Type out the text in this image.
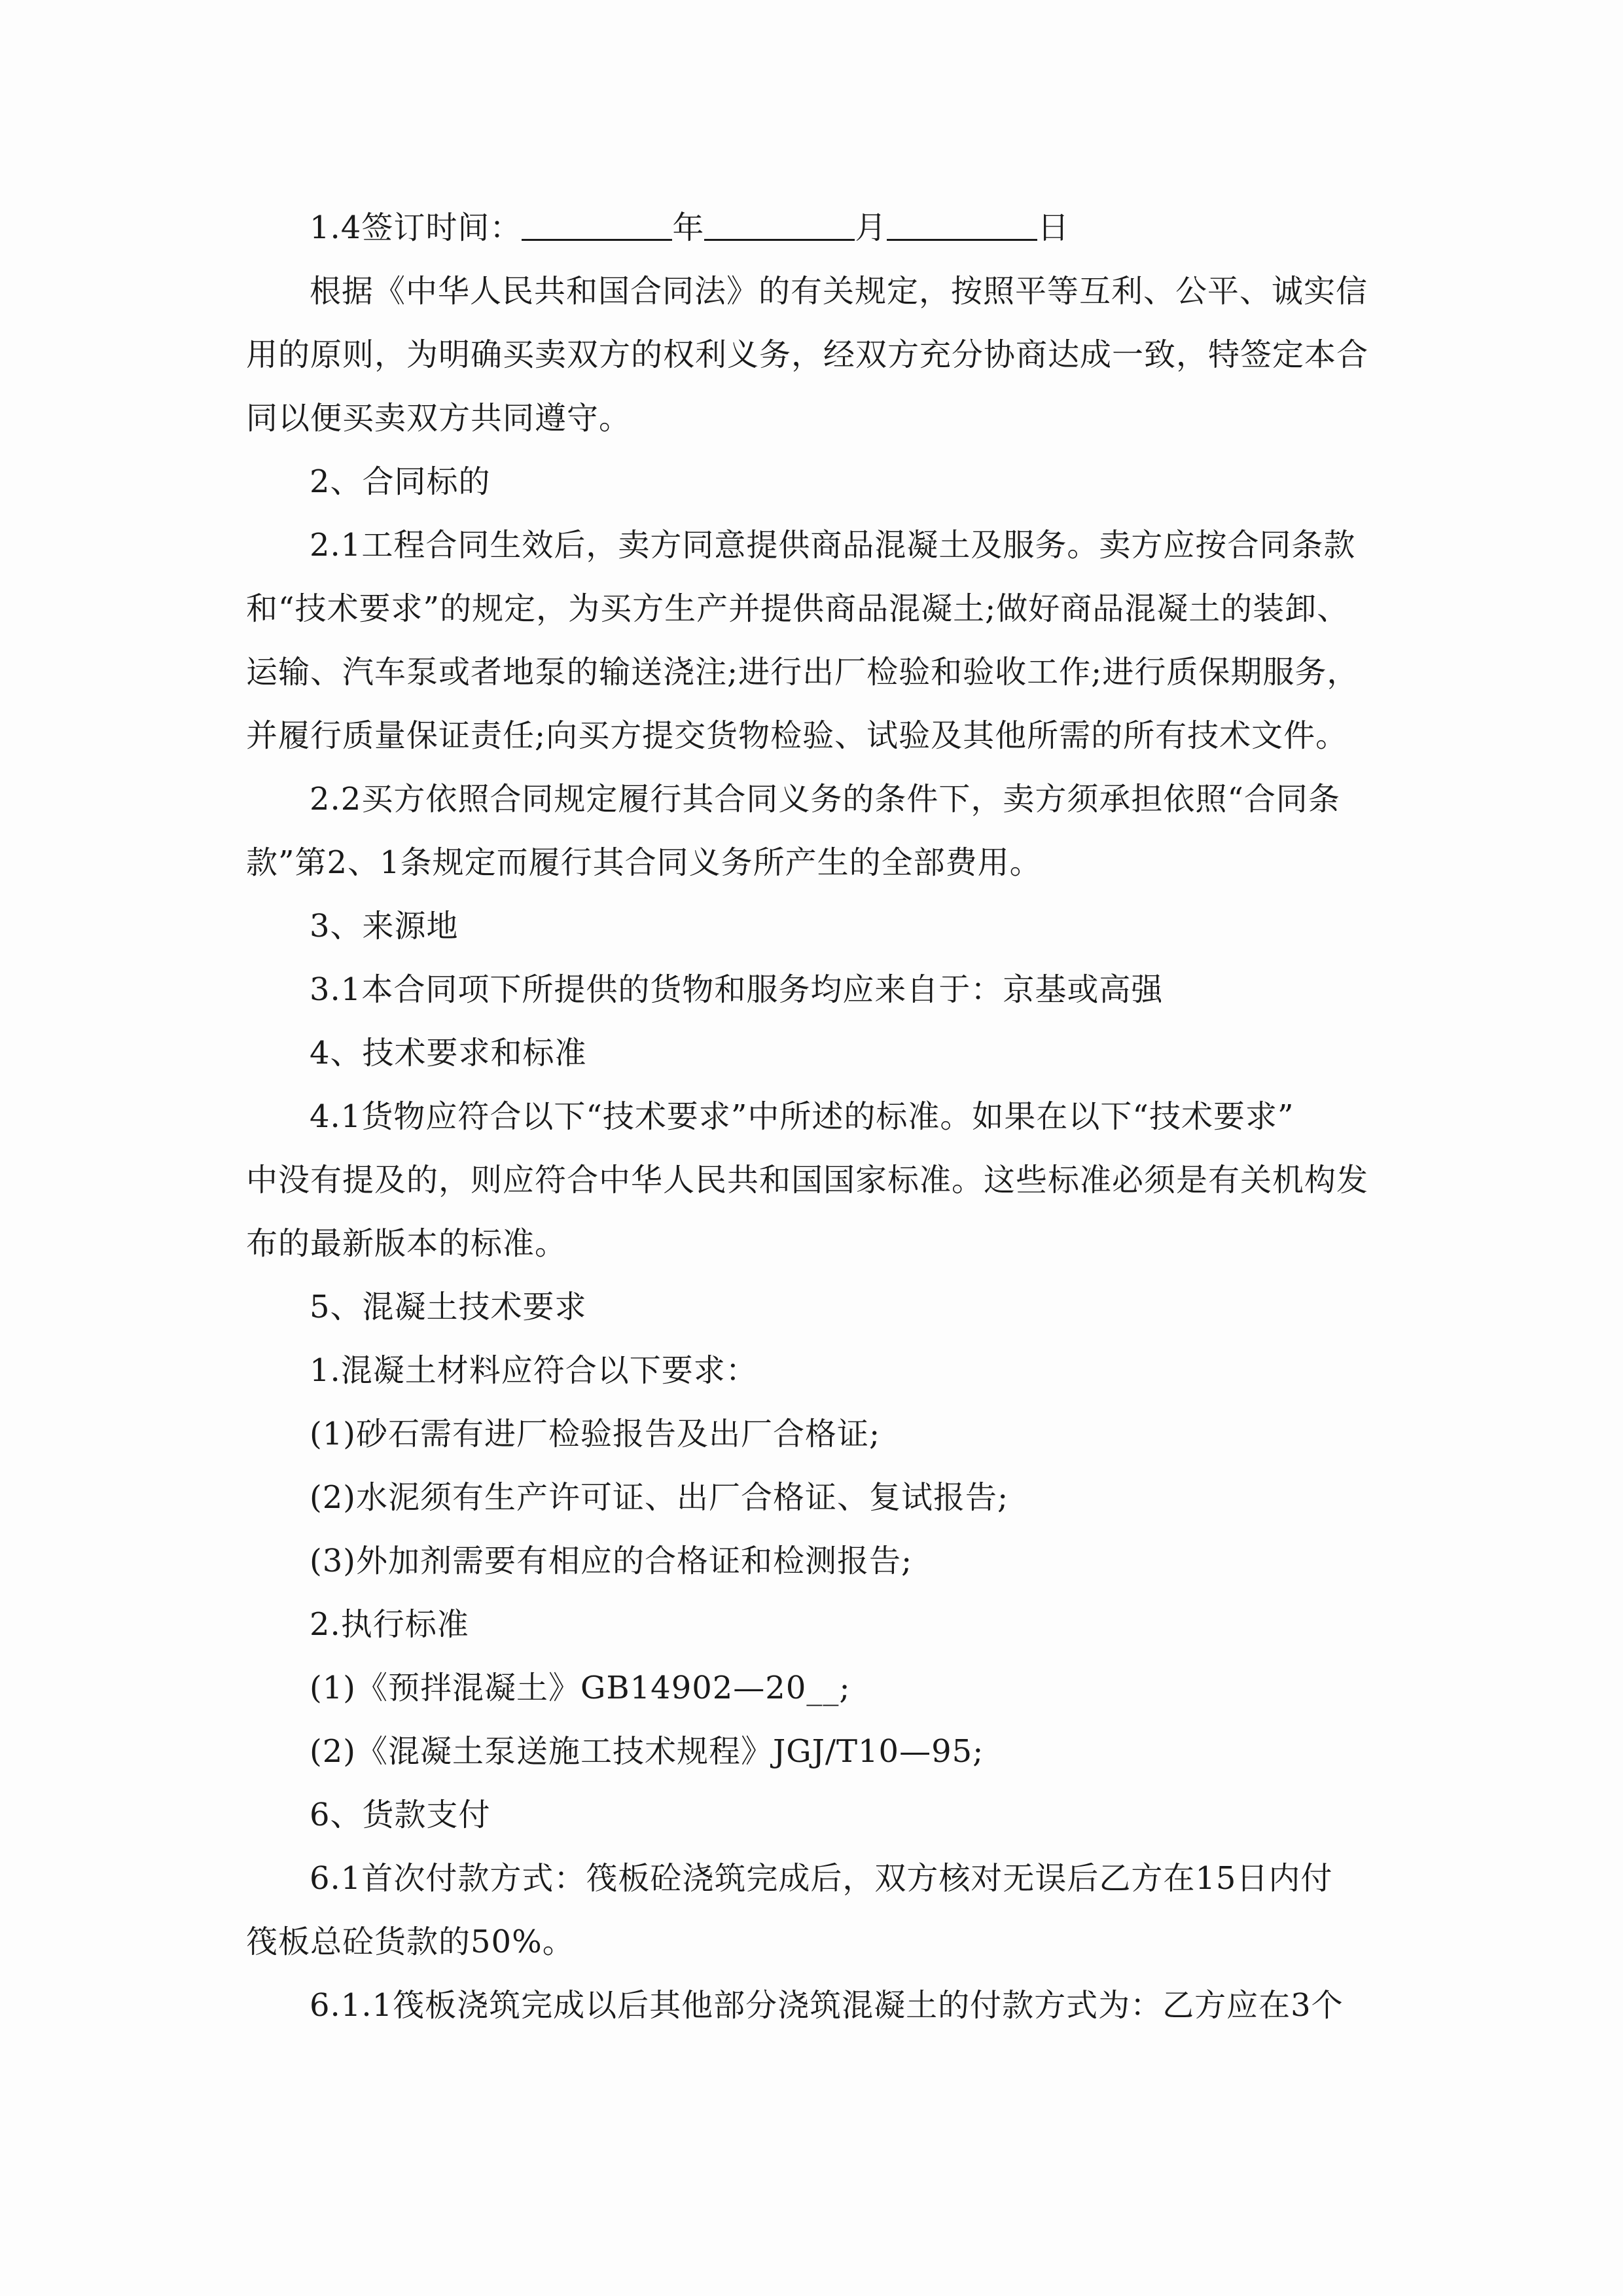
1.4签订时间：	年	月	日
根据《中华人民共和国合同法》的有关规定，按照平等互利、公平、诚实信
用的原则，为明确买卖双方的权利义务，经双方充分协商达成一致，特签定本合
同以便买卖双方共同遵守。
2、合同标的
2.1工程合同生效后，卖方同意提供商品混凝土及服务。卖方应按合同条款
和“技术要求”的规定，为买方生产并提供商品混凝土;做好商品混凝土的装卸、
运输、汽车泵或者地泵的输送浇注;进行出厂检验和验收工作;进行质保期服务，
并履行质量保证责任;向买方提交货物检验、试验及其他所需的所有技术文件。
2.2买方依照合同规定履行其合同义务的条件下，卖方须承担依照“合同条
款”第2、1条规定而履行其合同义务所产生的全部费用。
3、来源地
3.1本合同项下所提供的货物和服务均应来自于：京基或高强
4、技术要求和标准
4.1货物应符合以下“技术要求”中所述的标准。如果在以下“技术要求”
中没有提及的，则应符合中华人民共和国国家标准。这些标准必须是有关机构发
布的最新版本的标准。
5、混凝土技术要求
1.混凝土材料应符合以下要求：
(1)砂石需有进厂检验报告及出厂合格证;
(2)水泥须有生产许可证、出厂合格证、复试报告;
(3)外加剂需要有相应的合格证和检测报告;
2.执行标准
(1)《预拌混凝土》GB14902—20__;
(2)《混凝土泵送施工技术规程》JGJ/T10—95;
6、货款支付
6.1首次付款方式：筏板砼浇筑完成后，双方核对无误后乙方在15日内付
筏板总砼货款的50%。
6.1.1筏板浇筑完成以后其他部分浇筑混凝土的付款方式为：乙方应在3个
